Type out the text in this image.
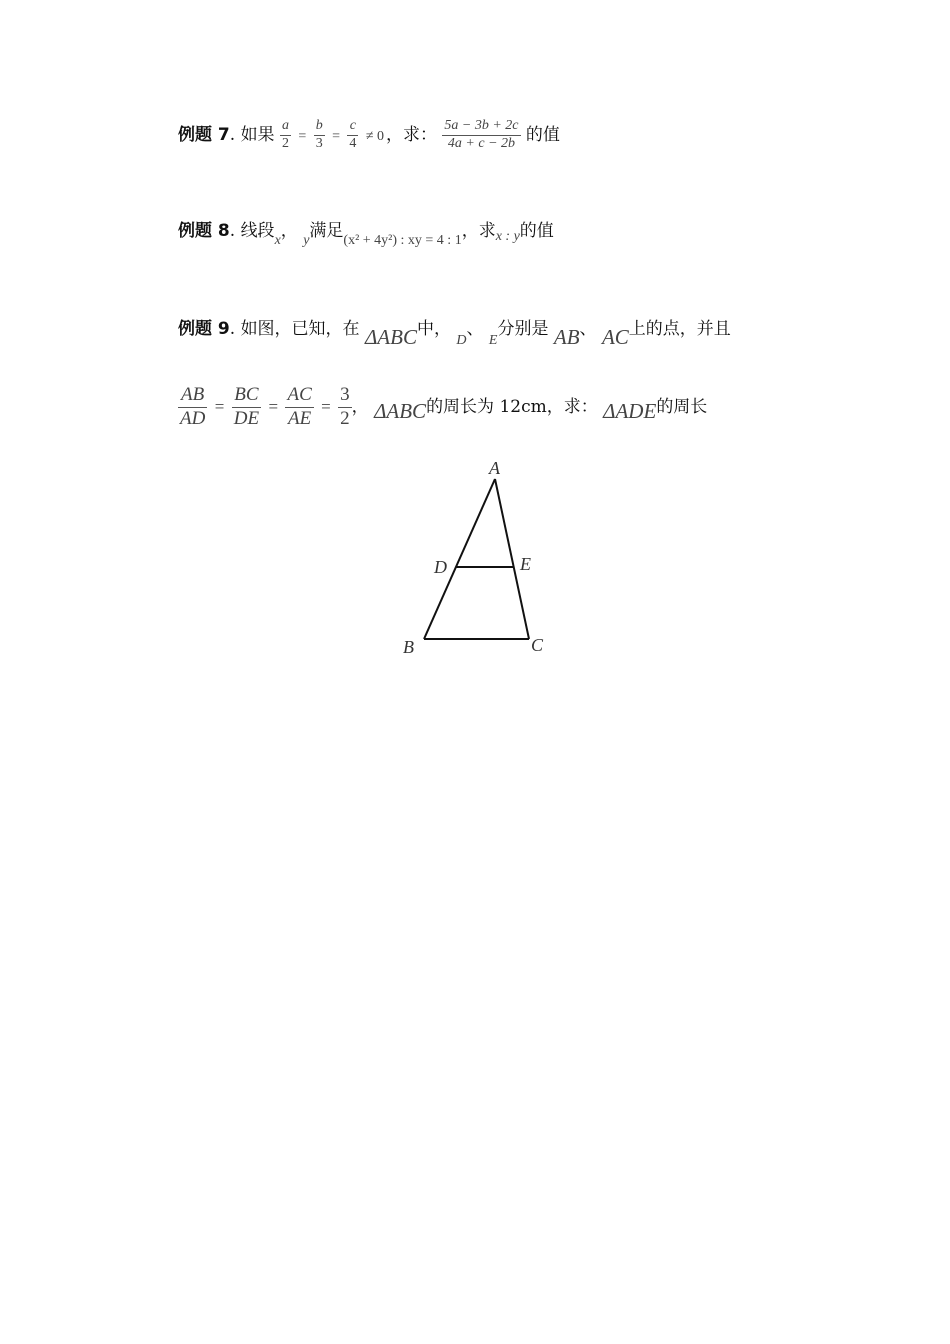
例题 7. 如果 $\frac{a}{2} = \frac{b}{3} = \frac{c}{4} \ne 0$ ，求： $\frac{5a - 3b + 2c}{4a + c - 2b}$ 的值
例题 8. 线段$_x$， $_y$满足$_{(x^2 + 4y^2) : xy = 4 : 1}$，求$_{x : y}$的值
例题 9. 如图，已知，在 ΔABC中， $_D$、 $_E$分别是 AB、 AC上的点，并且
$\frac{AB}{AD} = \frac{BC}{DE} = \frac{AC}{AE} = \frac{3}{2}$ ， ΔABC的周长为 12cm，求： ΔADE的周长
A
D	E
B	C
